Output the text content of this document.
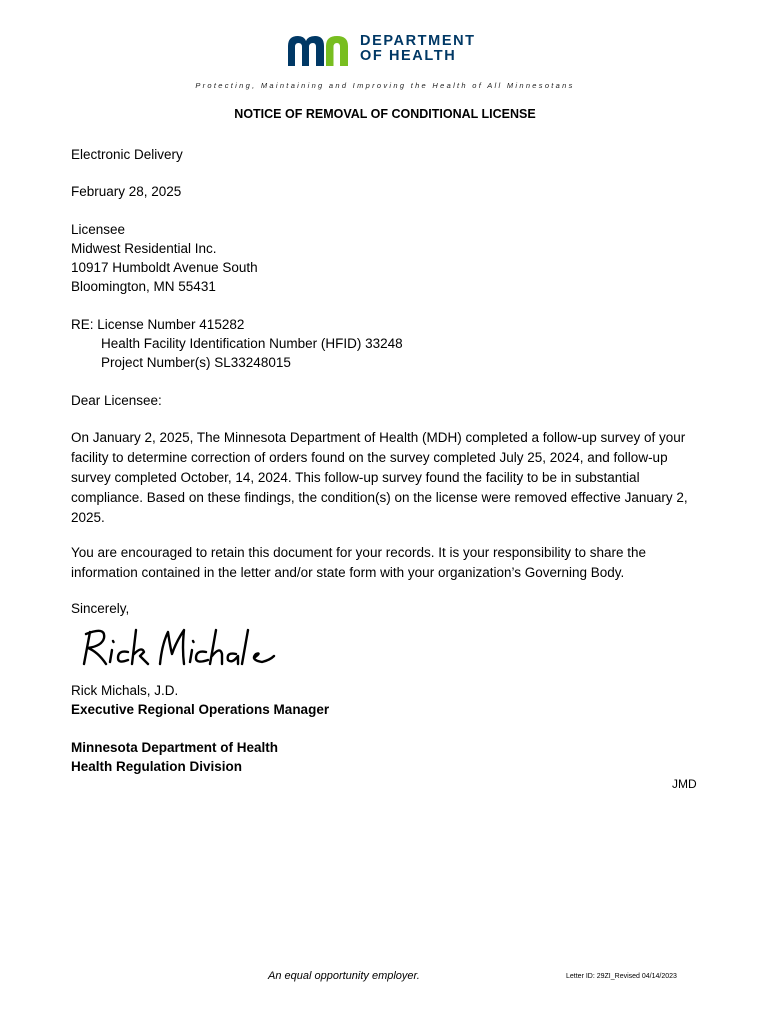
DEPARTMENT
OF HEALTH
Protecting, Maintaining and Improving the Health of All Minnesotans
NOTICE OF REMOVAL OF CONDITIONAL LICENSE
Electronic Delivery
February 28, 2025
Licensee
Midwest Residential Inc.
10917 Humboldt Avenue South
Bloomington, MN 55431
RE: License Number 415282
Health Facility Identification Number (HFID) 33248
Project Number(s) SL33248015
Dear Licensee:
On January 2, 2025, The Minnesota Department of Health (MDH) completed a follow-up survey of your facility to determine correction of orders found on the survey completed July 25, 2024, and follow-up survey completed October, 14, 2024. This follow-up survey found the facility to be in substantial compliance. Based on these findings, the condition(s) on the license were removed effective January 2, 2025.
You are encouraged to retain this document for your records. It is your responsibility to share the information contained in the letter and/or state form with your organization’s Governing Body.
Sincerely,
Rick Michals, J.D.
Executive Regional Operations Manager
Minnesota Department of Health
Health Regulation Division
JMD
An equal opportunity employer.	Letter ID: 29ZI_Revised 04/14/2023
